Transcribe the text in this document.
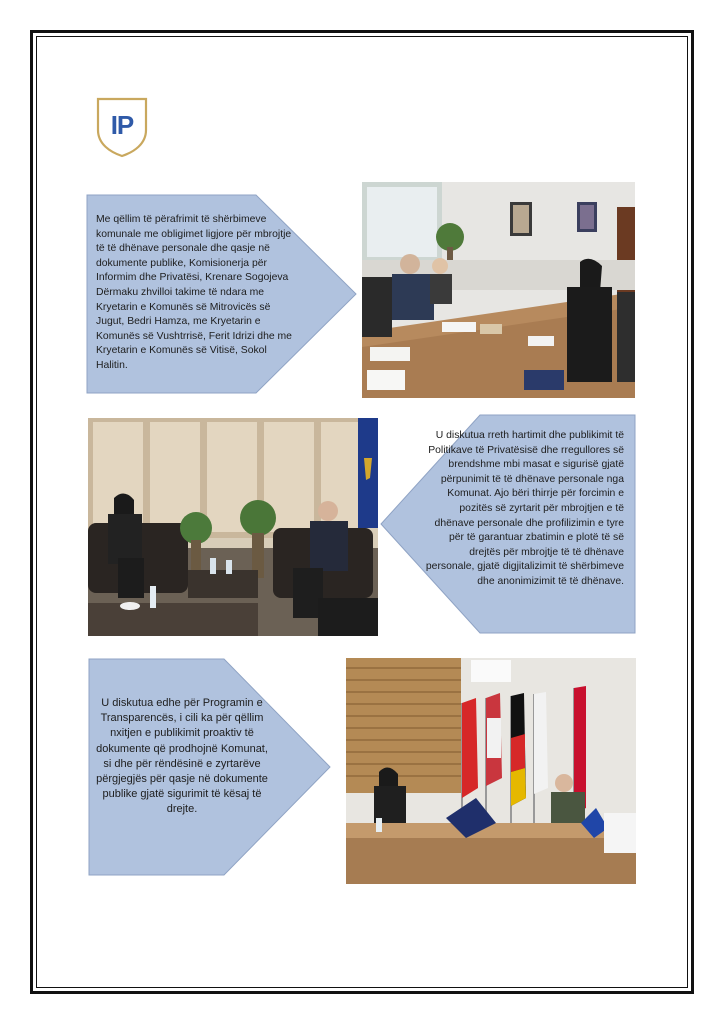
IP
Me qëllim të përafrimit të shërbimeve komunale me obligimet ligjore për mbrojtje të të dhënave personale dhe qasje në dokumente publike, Komisionerja për Informim dhe Privatësi, Krenare Sogojeva Dërmaku zhvilloi takime të ndara me Kryetarin e Komunës së Mitrovicës së Jugut, Bedri Hamza, me Kryetarin e Komunës së Vushtrrisë, Ferit Idrizi dhe me Kryetarin e Komunës së Vitisë, Sokol Halitin.
U diskutua rreth hartimit dhe publikimit të Politikave të Privatësisë dhe rregullores së brendshme mbi masat e sigurisë gjatë përpunimit të të dhënave personale nga Komunat. Ajo bëri thirrje për forcimin e pozitës së zyrtarit për mbrojtjen e të dhënave personale dhe profilizimin e tyre për të garantuar zbatimin e plotë të së drejtës për mbrojtje të të dhënave personale, gjatë digjitalizimit të shërbimeve dhe anonimizimit të të dhënave.
U diskutua edhe për Programin e Transparencës, i cili ka për qëllim nxitjen e publikimit proaktiv të dokumente që prodhojnë Komunat, si dhe për rëndësinë e zyrtarëve përgjegjës për qasje në dokumente publike gjatë sigurimit të kësaj të drejte.
